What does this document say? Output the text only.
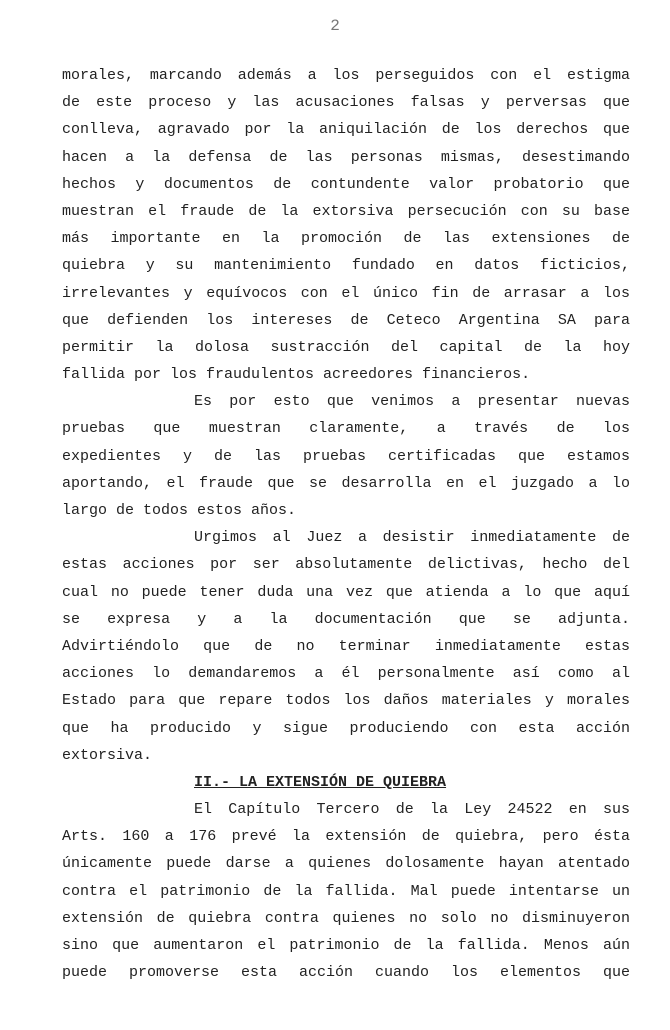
2
morales, marcando además a los perseguidos con el estigma
de este proceso y las acusaciones falsas y perversas que
conlleva, agravado por la aniquilación de los derechos que
hacen a la defensa de las personas mismas, desestimando
hechos y documentos de contundente valor probatorio que
muestran el fraude de la extorsiva persecución con su base
más importante en la promoción de las extensiones de
quiebra y su mantenimiento fundado en datos ficticios,
irrelevantes y equívocos con el único fin de arrasar a los
que defienden los intereses de Ceteco Argentina SA para
permitir la dolosa sustracción del capital de la hoy
fallida por los fraudulentos acreedores financieros.
Es por esto que venimos a presentar nuevas
pruebas que muestran claramente, a través de los
expedientes y de las pruebas certificadas que estamos
aportando, el fraude que se desarrolla en el juzgado a lo
largo de todos estos años.
Urgimos al Juez a desistir inmediatamente de
estas acciones por ser absolutamente delictivas, hecho del
cual no puede tener duda una vez que atienda a lo que aquí
se expresa y a la documentación que se adjunta.
Advirtiéndolo que de no terminar inmediatamente estas
acciones lo demandaremos a él personalmente así como al
Estado para que repare todos los daños materiales y morales
que ha producido y sigue produciendo con esta acción
extorsiva.
II.- LA EXTENSIÓN DE QUIEBRA
El Capítulo Tercero de la Ley 24522 en sus
Arts. 160 a 176 prevé la extensión de quiebra, pero ésta
únicamente puede darse a quienes dolosamente hayan atentado
contra el patrimonio de la fallida. Mal puede intentarse un
extensión de quiebra contra quienes no solo no disminuyeron
sino que aumentaron el patrimonio de la fallida. Menos aún
puede promoverse esta acción cuando los elementos que
